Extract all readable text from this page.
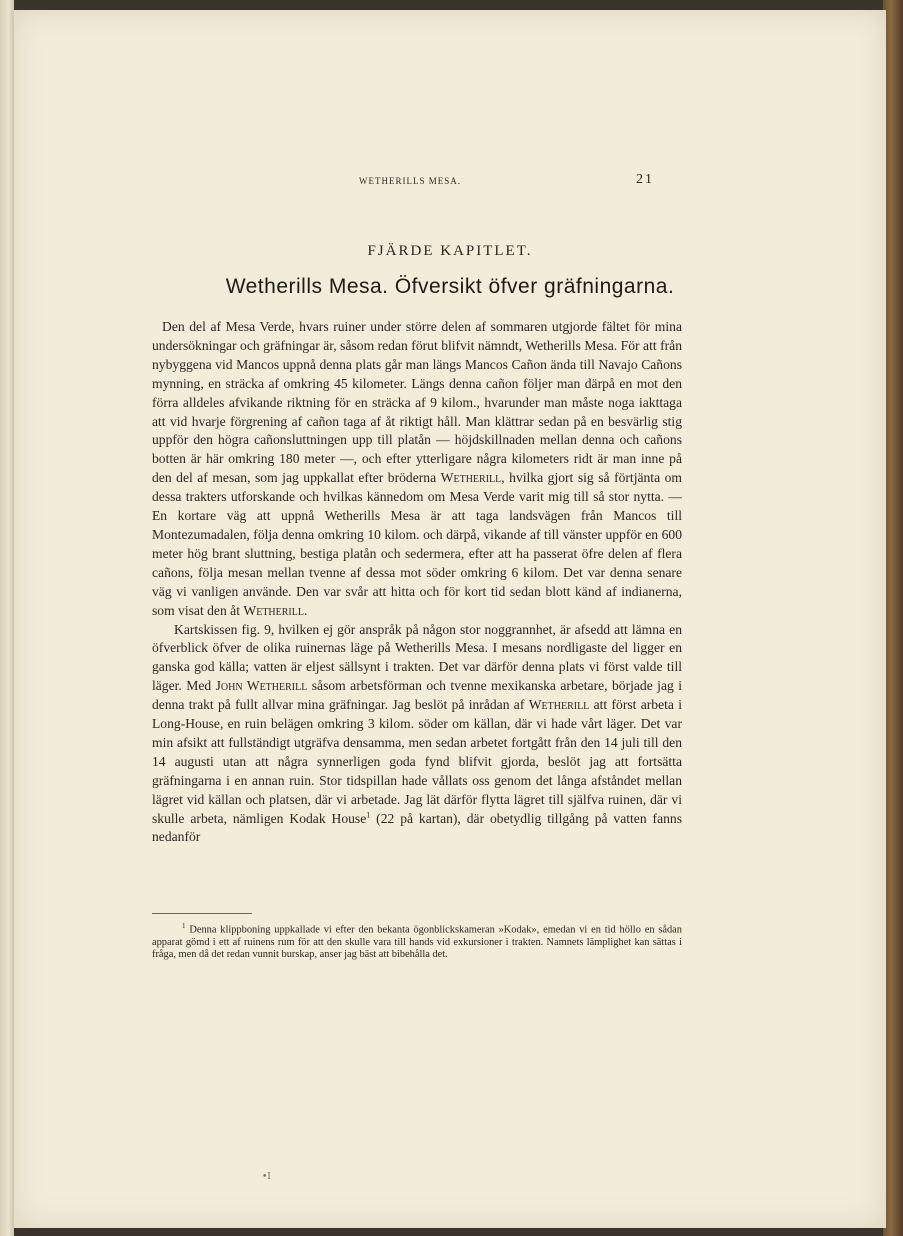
WETHERILLS MESA.	21
FJÄRDE KAPITLET.
Wetherills Mesa. Öfversikt öfver gräfningarna.

Den del af Mesa Verde, hvars ruiner under större delen af sommaren utgjorde fältet för mina undersökningar och gräfningar är, såsom redan förut blifvit nämndt, Wetherills Mesa. För att från nybyggena vid Mancos uppnå denna plats går man längs Mancos Cañon ända till Navajo Cañons mynning, en sträcka af omkring 45 kilometer. Längs denna cañon följer man därpå en mot den förra alldeles afvikande riktning för en sträcka af 9 kilom., hvarunder man måste noga iakttaga att vid hvarje förgrening af cañon taga af åt riktigt håll. Man klättrar sedan på en besvärlig stig uppför den högra cañonsluttningen upp till platån — höjdskillnaden mellan denna och cañons botten är här omkring 180 meter —, och efter ytterligare några kilometers ridt är man inne på den del af mesan, som jag uppkallat efter bröderna Wetherill, hvilka gjort sig så förtjänta om dessa trakters utforskande och hvilkas kännedom om Mesa Verde varit mig till så stor nytta. — En kortare väg att uppnå Wetherills Mesa är att taga landsvägen från Mancos till Montezumadalen, följa denna omkring 10 kilom. och därpå, vikande af till vänster uppför en 600 meter hög brant sluttning, bestiga platån och sedermera, efter att ha passerat öfre delen af flera cañons, följa mesan mellan tvenne af dessa mot söder omkring 6 kilom. Det var denna senare väg vi vanligen använde. Den var svår att hitta och för kort tid sedan blott känd af indianerna, som visat den åt Wetherill.

Kartskissen fig. 9, hvilken ej gör anspråk på någon stor noggrannhet, är afsedd att lämna en öfverblick öfver de olika ruinernas läge på Wetherills Mesa. I mesans nordligaste del ligger en ganska god källa; vatten är eljest sällsynt i trakten. Det var därför denna plats vi först valde till läger. Med John Wetherill såsom arbetsförman och tvenne mexikanska arbetare, började jag i denna trakt på fullt allvar mina gräfningar. Jag beslöt på inrådan af Wetherill att först arbeta i Long-House, en ruin belägen omkring 3 kilom. söder om källan, där vi hade vårt läger. Det var min afsikt att fullständigt utgräfva densamma, men sedan arbetet fortgått från den 14 juli till den 14 augusti utan att några synnerligen goda fynd blifvit gjorda, beslöt jag att fortsätta gräfningarna i en annan ruin. Stor tidspillan hade vållats oss genom det långa afståndet mellan lägret vid källan och platsen, där vi arbetade. Jag lät därför flytta lägret till själfva ruinen, där vi skulle arbeta, nämligen Kodak House$^1$ (22 på kartan), där obetydlig tillgång på vatten fanns nedanför

$^1$ Denna klippboning uppkallade vi efter den bekanta ögonblickskameran »Kodak», emedan vi en tid höllo en sådan apparat gömd i ett af ruinens rum för att den skulle vara till hands vid exkursioner i trakten. Namnets lämplighet kan sättas i fråga, men då det redan vunnit burskap, anser jag bäst att bibehålla det.
•I
